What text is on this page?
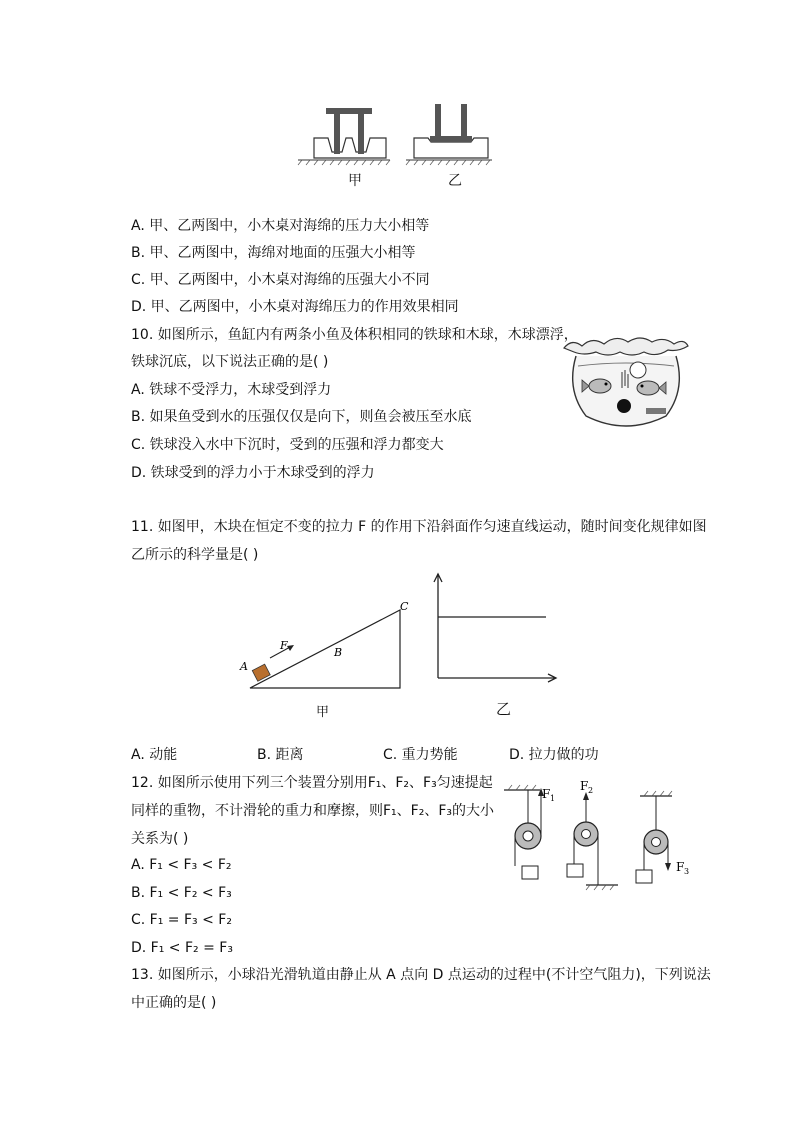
甲	乙
A. 甲、乙两图中，小木桌对海绵的压力大小相等
B. 甲、乙两图中，海绵对地面的压强大小相等
C. 甲、乙两图中，小木桌对海绵的压强大小不同
D. 甲、乙两图中，小木桌对海绵压力的作用效果相同
10. 如图所示，鱼缸内有两条小鱼及体积相同的铁球和木球，木球漂浮，
铁球沉底，以下说法正确的是( )
A. 铁球不受浮力，木球受到浮力
B. 如果鱼受到水的压强仅仅是向下，则鱼会被压至水底
C. 铁球没入水中下沉时，受到的压强和浮力都变大
D. 铁球受到的浮力小于木球受到的浮力
11. 如图甲，木块在恒定不变的拉力 F 的作用下沿斜面作匀速直线运动，随时间变化规律如图
乙所示的科学量是( )
A
F
B
C
甲	乙
A. 动能	B. 距离	C. 重力势能	D. 拉力做的功
12. 如图所示使用下列三个装置分别用F₁、F₂、F₃匀速提起
同样的重物，不计滑轮的重力和摩擦，则F₁、F₂、F₃的大小
关系为( )
A. F₁ < F₃ < F₂
B. F₁ < F₂ < F₃
C. F₁ = F₃ < F₂
D. F₁ < F₂ = F₃
F 1
F 2
F 3
13. 如图所示，小球沿光滑轨道由静止从 A 点向 D 点运动的过程中(不计空气阻力)，下列说法
中正确的是( )
